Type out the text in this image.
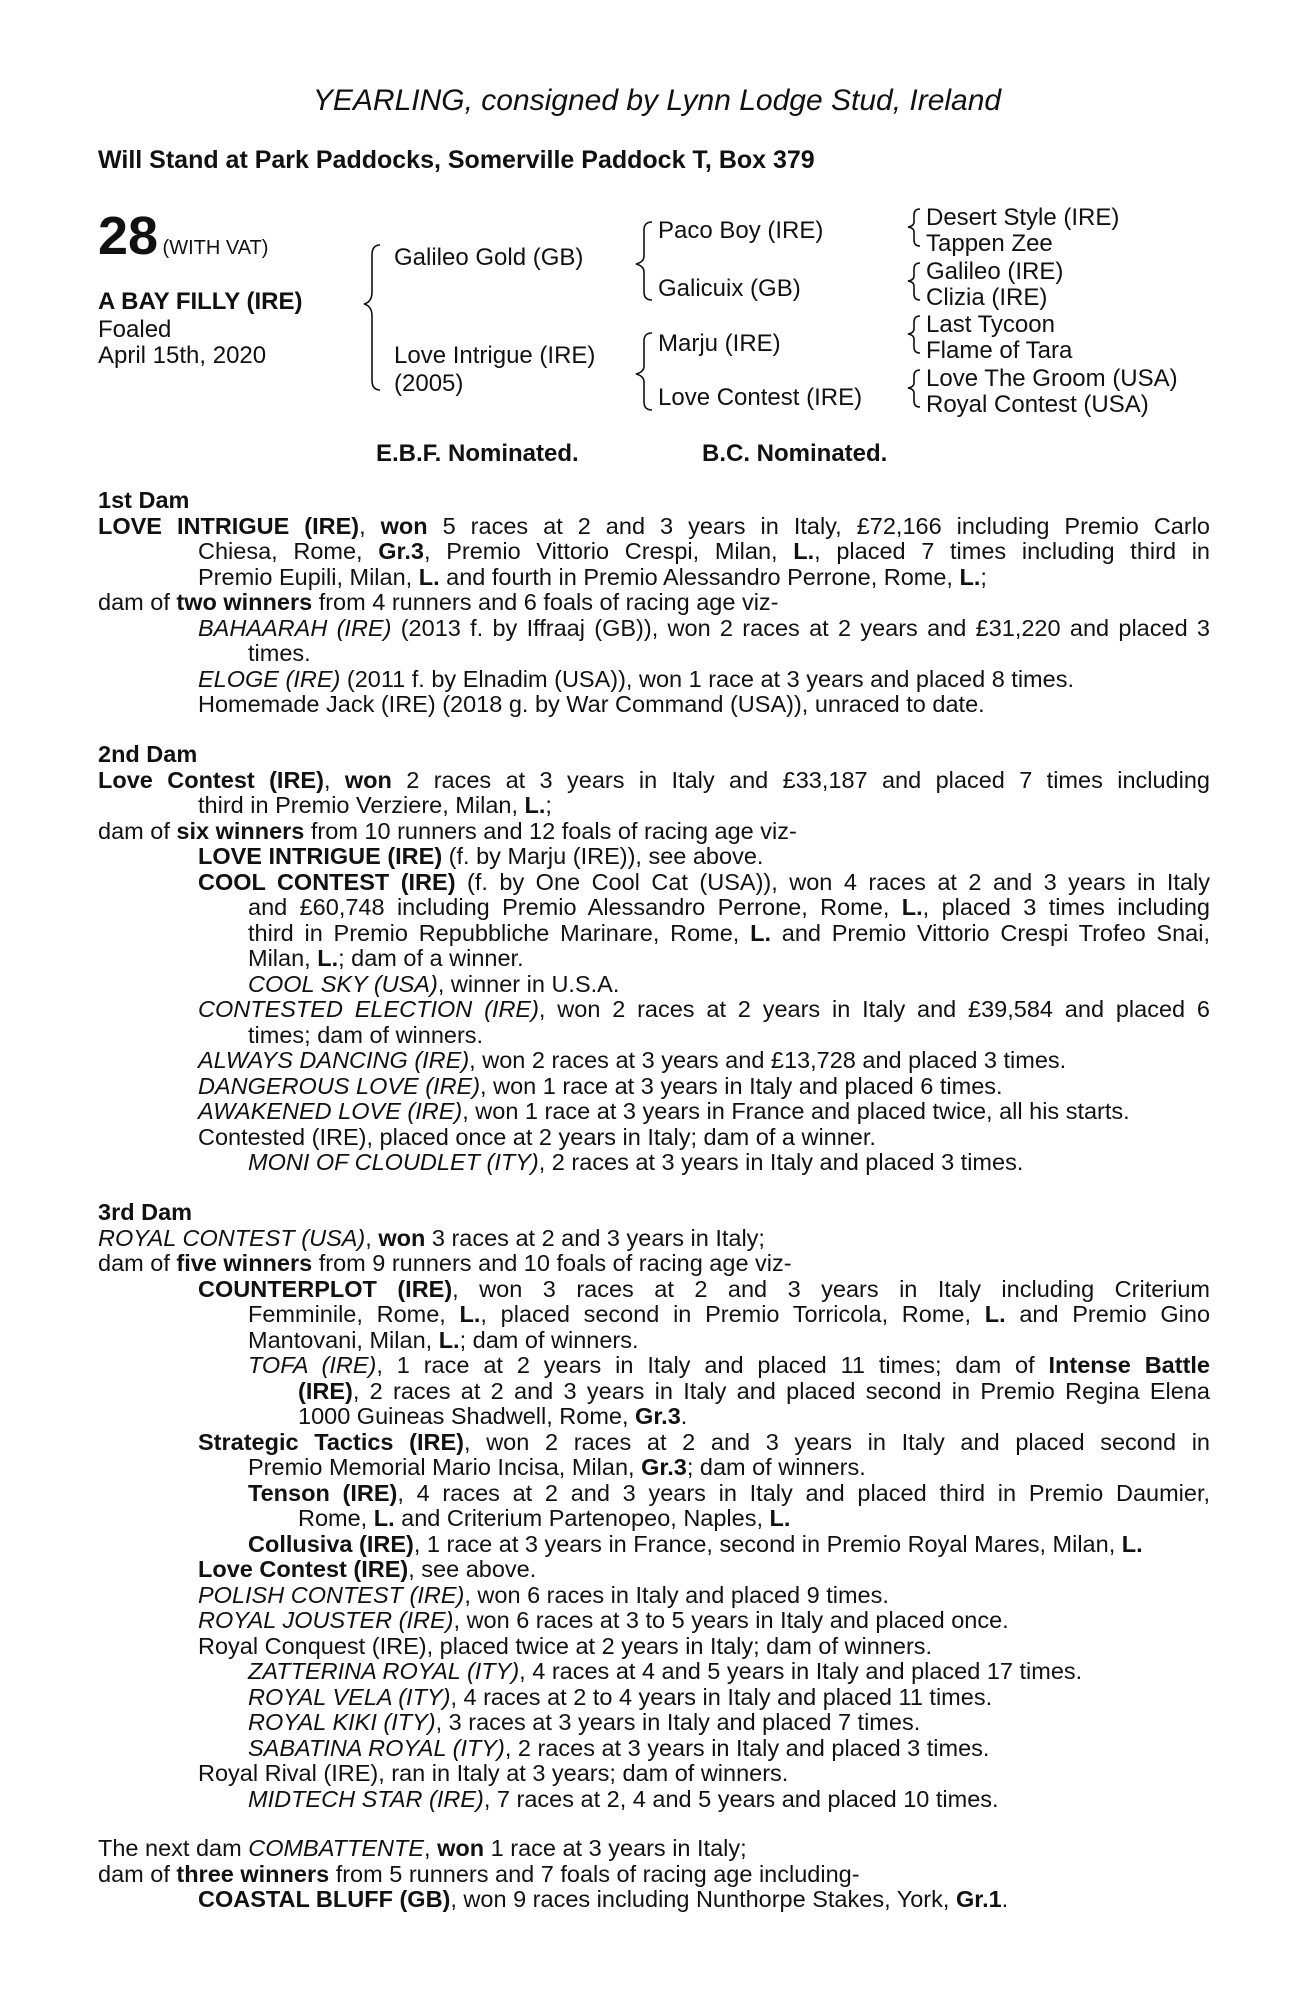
YEARLING, consigned by Lynn Lodge Stud, Ireland
Will Stand at Park Paddocks, Somerville Paddock T, Box 379
28 (WITH VAT)
A BAY FILLY (IRE)
Foaled
April 15th, 2020
Galileo Gold (GB)
Love Intrigue (IRE)
(2005)
Paco Boy (IRE)
Galicuix (GB)
Marju (IRE)
Love Contest (IRE)
Desert Style (IRE)
Tappen Zee
Galileo (IRE)
Clizia (IRE)
Last Tycoon
Flame of Tara
Love The Groom (USA)
Royal Contest (USA)
E.B.F. Nominated.	B.C. Nominated.
1st Dam
LOVE INTRIGUE (IRE), won 5 races at 2 and 3 years in Italy, £72,166 including Premio Carlo
Chiesa, Rome, Gr.3, Premio Vittorio Crespi, Milan, L., placed 7 times including third in
Premio Eupili, Milan, L. and fourth in Premio Alessandro Perrone, Rome, L.;
dam of two winners from 4 runners and 6 foals of racing age viz-
BAHAARAH (IRE) (2013 f. by Iffraaj (GB)), won 2 races at 2 years and £31,220 and placed 3
times.
ELOGE (IRE) (2011 f. by Elnadim (USA)), won 1 race at 3 years and placed 8 times.
Homemade Jack (IRE) (2018 g. by War Command (USA)), unraced to date.
2nd Dam
Love Contest (IRE), won 2 races at 3 years in Italy and £33,187 and placed 7 times including
third in Premio Verziere, Milan, L.;
dam of six winners from 10 runners and 12 foals of racing age viz-
LOVE INTRIGUE (IRE) (f. by Marju (IRE)), see above.
COOL CONTEST (IRE) (f. by One Cool Cat (USA)), won 4 races at 2 and 3 years in Italy
and £60,748 including Premio Alessandro Perrone, Rome, L., placed 3 times including
third in Premio Repubbliche Marinare, Rome, L. and Premio Vittorio Crespi Trofeo Snai,
Milan, L.; dam of a winner.
COOL SKY (USA), winner in U.S.A.
CONTESTED ELECTION (IRE), won 2 races at 2 years in Italy and £39,584 and placed 6
times; dam of winners.
ALWAYS DANCING (IRE), won 2 races at 3 years and £13,728 and placed 3 times.
DANGEROUS LOVE (IRE), won 1 race at 3 years in Italy and placed 6 times.
AWAKENED LOVE (IRE), won 1 race at 3 years in France and placed twice, all his starts.
Contested (IRE), placed once at 2 years in Italy; dam of a winner.
MONI OF CLOUDLET (ITY), 2 races at 3 years in Italy and placed 3 times.
3rd Dam
ROYAL CONTEST (USA), won 3 races at 2 and 3 years in Italy;
dam of five winners from 9 runners and 10 foals of racing age viz-
COUNTERPLOT (IRE), won 3 races at 2 and 3 years in Italy including Criterium
Femminile, Rome, L., placed second in Premio Torricola, Rome, L. and Premio Gino
Mantovani, Milan, L.; dam of winners.
TOFA (IRE), 1 race at 2 years in Italy and placed 11 times; dam of Intense Battle
(IRE), 2 races at 2 and 3 years in Italy and placed second in Premio Regina Elena
1000 Guineas Shadwell, Rome, Gr.3.
Strategic Tactics (IRE), won 2 races at 2 and 3 years in Italy and placed second in
Premio Memorial Mario Incisa, Milan, Gr.3; dam of winners.
Tenson (IRE), 4 races at 2 and 3 years in Italy and placed third in Premio Daumier,
Rome, L. and Criterium Partenopeo, Naples, L.
Collusiva (IRE), 1 race at 3 years in France, second in Premio Royal Mares, Milan, L.
Love Contest (IRE), see above.
POLISH CONTEST (IRE), won 6 races in Italy and placed 9 times.
ROYAL JOUSTER (IRE), won 6 races at 3 to 5 years in Italy and placed once.
Royal Conquest (IRE), placed twice at 2 years in Italy; dam of winners.
ZATTERINA ROYAL (ITY), 4 races at 4 and 5 years in Italy and placed 17 times.
ROYAL VELA (ITY), 4 races at 2 to 4 years in Italy and placed 11 times.
ROYAL KIKI (ITY), 3 races at 3 years in Italy and placed 7 times.
SABATINA ROYAL (ITY), 2 races at 3 years in Italy and placed 3 times.
Royal Rival (IRE), ran in Italy at 3 years; dam of winners.
MIDTECH STAR (IRE), 7 races at 2, 4 and 5 years and placed 10 times.
The next dam COMBATTENTE, won 1 race at 3 years in Italy;
dam of three winners from 5 runners and 7 foals of racing age including-
COASTAL BLUFF (GB), won 9 races including Nunthorpe Stakes, York, Gr.1.
